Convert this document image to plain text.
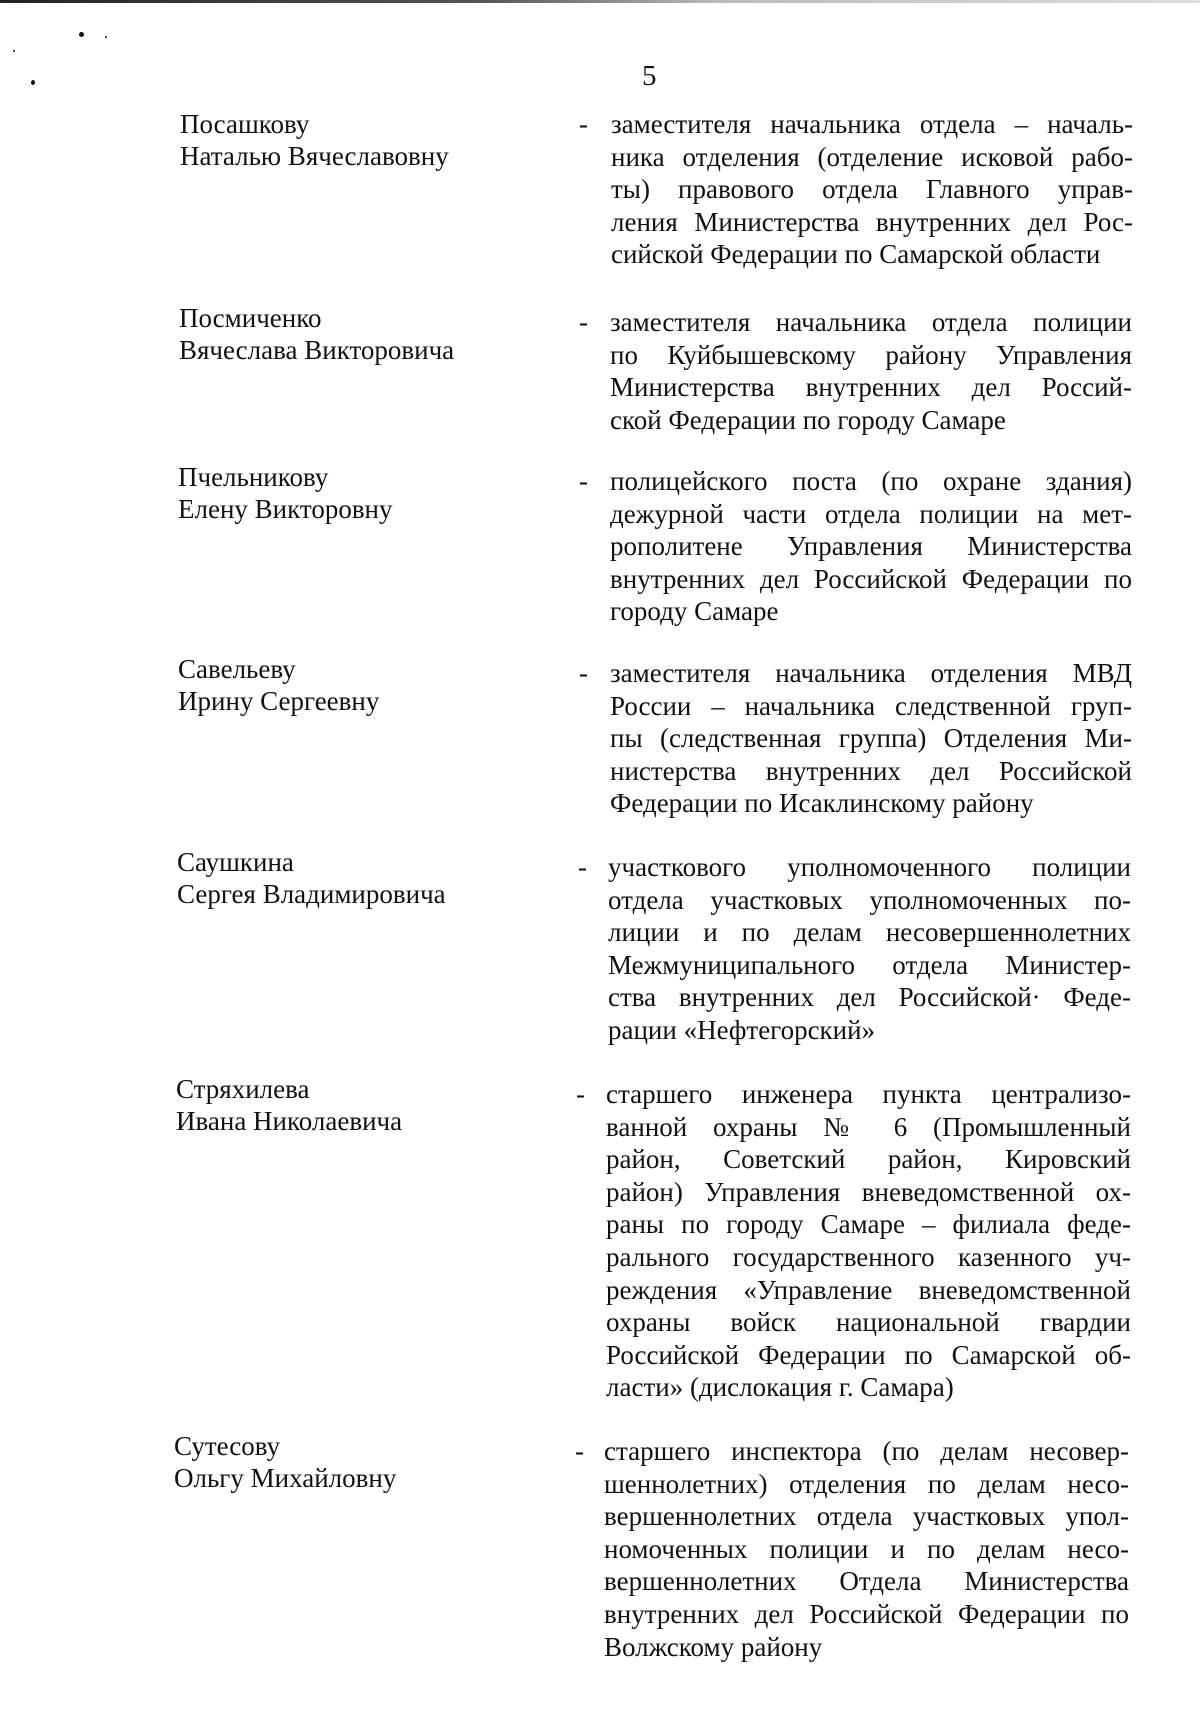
5
Посашкову
Наталью Вячеславовну
- заместителя начальника отдела – началь-
ника отделения (отделение исковой рабо-
ты) правового отдела Главного управ-
ления Министерства внутренних дел Рос-
сийской Федерации по Самарской области
Посмиченко
Вячеслава Викторовича
- заместителя начальника отдела полиции
по Куйбышевскому району Управления
Министерства внутренних дел Россий-
ской Федерации по городу Самаре
Пчельникову
Елену Викторовну
- полицейского поста (по охране здания)
дежурной части отдела полиции на мет-
рополитене Управления Министерства
внутренних дел Российской Федерации по
городу Самаре
Савельеву
Ирину Сергеевну
- заместителя начальника отделения МВД
России – начальника следственной груп-
пы (следственная группа) Отделения Ми-
нистерства внутренних дел Российской
Федерации по Исаклинскому району
Саушкина
Сергея Владимировича
- участкового уполномоченного полиции
отдела участковых уполномоченных по-
лиции и по делам несовершеннолетних
Межмуниципального отдела Министер-
ства внутренних дел Российской· Феде-
рации «Нефтегорский»
Стряхилева
Ивана Николаевича
- старшего инженера пункта централизо-
ванной охраны № 6 (Промышленный
район, Советский район, Кировский
район) Управления вневедомственной ох-
раны по городу Самаре – филиала феде-
рального государственного казенного уч-
реждения «Управление вневедомственной
охраны войск национальной гвардии
Российской Федерации по Самарской об-
ласти» (дислокация г. Самара)
Сутесову
Ольгу Михайловну
- старшего инспектора (по делам несовер-
шеннолетних) отделения по делам несо-
вершеннолетних отдела участковых упол-
номоченных полиции и по делам несо-
вершеннолетних Отдела Министерства
внутренних дел Российской Федерации по
Волжскому району
